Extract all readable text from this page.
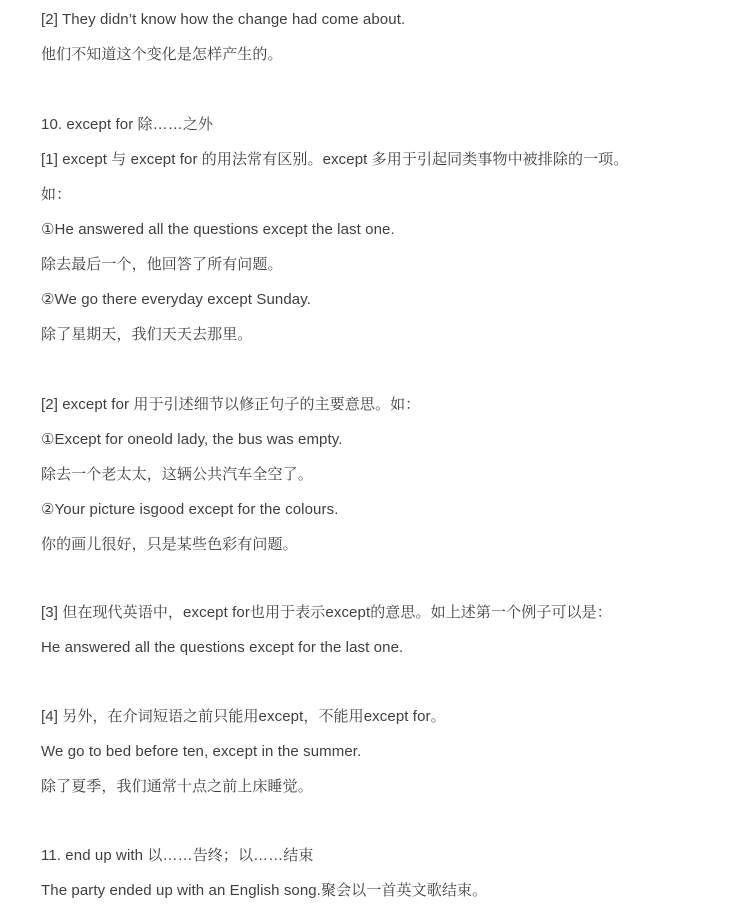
[2] They didn’t know how the change had come about.
他们不知道这个变化是怎样产生的。
10. except for 除……之外
[1] except 与 except for 的用法常有区别。except 多用于引起同类事物中被排除的一项。
如：
①He answered all the questions except the last one.
除去最后一个，他回答了所有问题。
②We go there everyday except Sunday.
除了星期天，我们天天去那里。
[2] except for 用于引述细节以修正句子的主要意思。如：
①Except for oneold lady, the bus was empty.
除去一个老太太，这辆公共汽车全空了。
②Your picture isgood except for the colours.
你的画儿很好，只是某些色彩有问题。
[3] 但在现代英语中，except for也用于表示except的意思。如上述第一个例子可以是：
He answered all the questions except for the last one.
[4] 另外，在介词短语之前只能用except，不能用except for。
We go to bed before ten, except in the summer.
除了夏季，我们通常十点之前上床睡觉。
11. end up with 以……告终；以……结束
The party ended up with an English song.聚会以一首英文歌结束。
